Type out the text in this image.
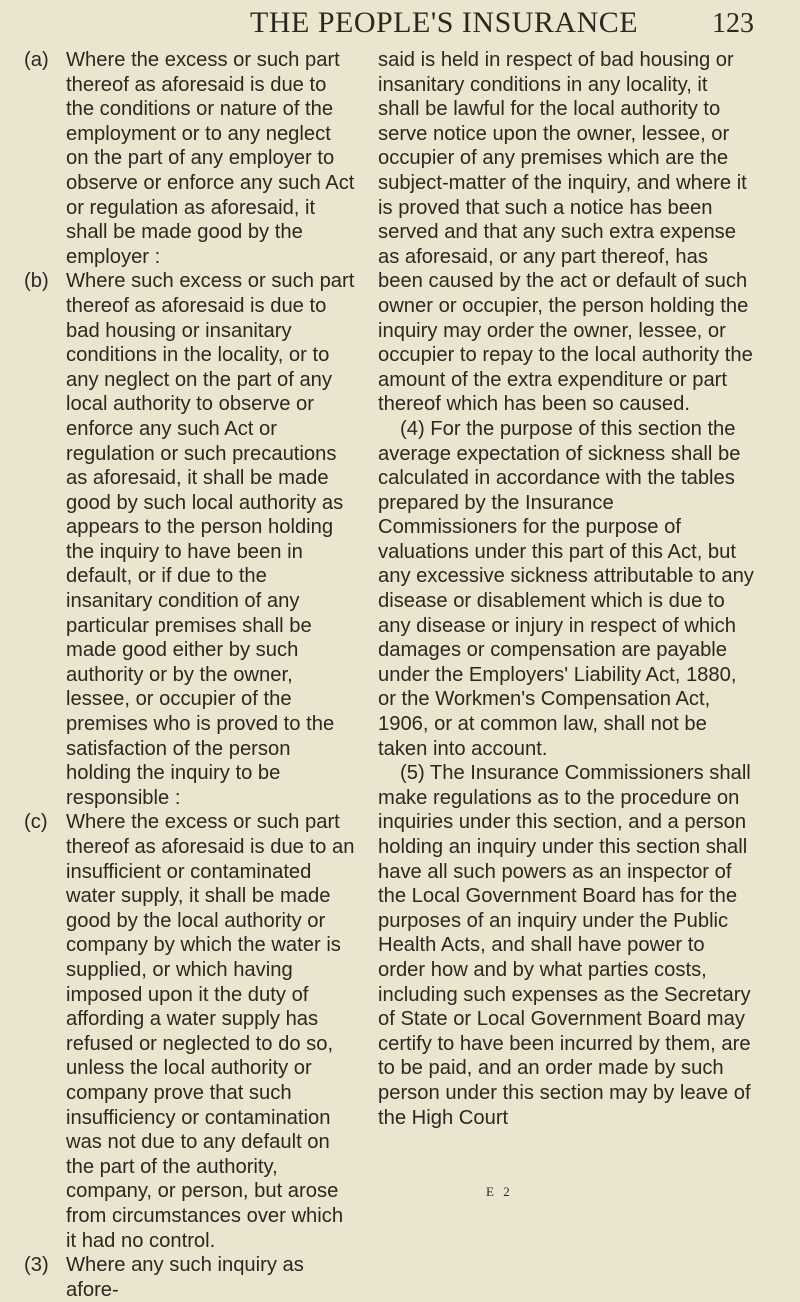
THE PEOPLE'S INSURANCE	123
(a) Where the excess or such part thereof as aforesaid is due to the conditions or nature of the employment or to any neglect on the part of any employer to observe or enforce any such Act or regulation as aforesaid, it shall be made good by the employer :
(b) Where such excess or such part thereof as aforesaid is due to bad housing or insanitary conditions in the locality, or to any neglect on the part of any local authority to observe or enforce any such Act or regulation or such precautions as aforesaid, it shall be made good by such local authority as appears to the person holding the inquiry to have been in default, or if due to the insanitary condition of any particular premises shall be made good either by such authority or by the owner, lessee, or occupier of the premises who is proved to the satisfaction of the person holding the inquiry to be responsible :
(c) Where the excess or such part thereof as aforesaid is due to an insufficient or contaminated water supply, it shall be made good by the local authority or company by which the water is supplied, or which having imposed upon it the duty of affording a water supply has refused or neglected to do so, unless the local authority or company prove that such insufficiency or contamination was not due to any default on the part of the authority, company, or person, but arose from circumstances over which it had no control.
(3) Where any such inquiry as afore-
said is held in respect of bad housing or insanitary conditions in any locality, it shall be lawful for the local authority to serve notice upon the owner, lessee, or occupier of any premises which are the subject-matter of the inquiry, and where it is proved that such a notice has been served and that any such extra expense as aforesaid, or any part thereof, has been caused by the act or default of such owner or occupier, the person holding the inquiry may order the owner, lessee, or occupier to repay to the local authority the amount of the extra expenditure or part thereof which has been so caused.
(4) For the purpose of this section the average expectation of sickness shall be calculated in accordance with the tables prepared by the Insurance Commissioners for the purpose of valuations under this part of this Act, but any excessive sickness attributable to any disease or disablement which is due to any disease or injury in respect of which damages or compensation are payable under the Employers' Liability Act, 1880, or the Workmen's Compensation Act, 1906, or at common law, shall not be taken into account.
(5) The Insurance Commissioners shall make regulations as to the procedure on inquiries under this section, and a person holding an inquiry under this section shall have all such powers as an inspector of the Local Government Board has for the purposes of an inquiry under the Public Health Acts, and shall have power to order how and by what parties costs, including such expenses as the Secretary of State or Local Government Board may certify to have been incurred by them, are to be paid, and an order made by such person under this section may by leave of the High Court
E 2
